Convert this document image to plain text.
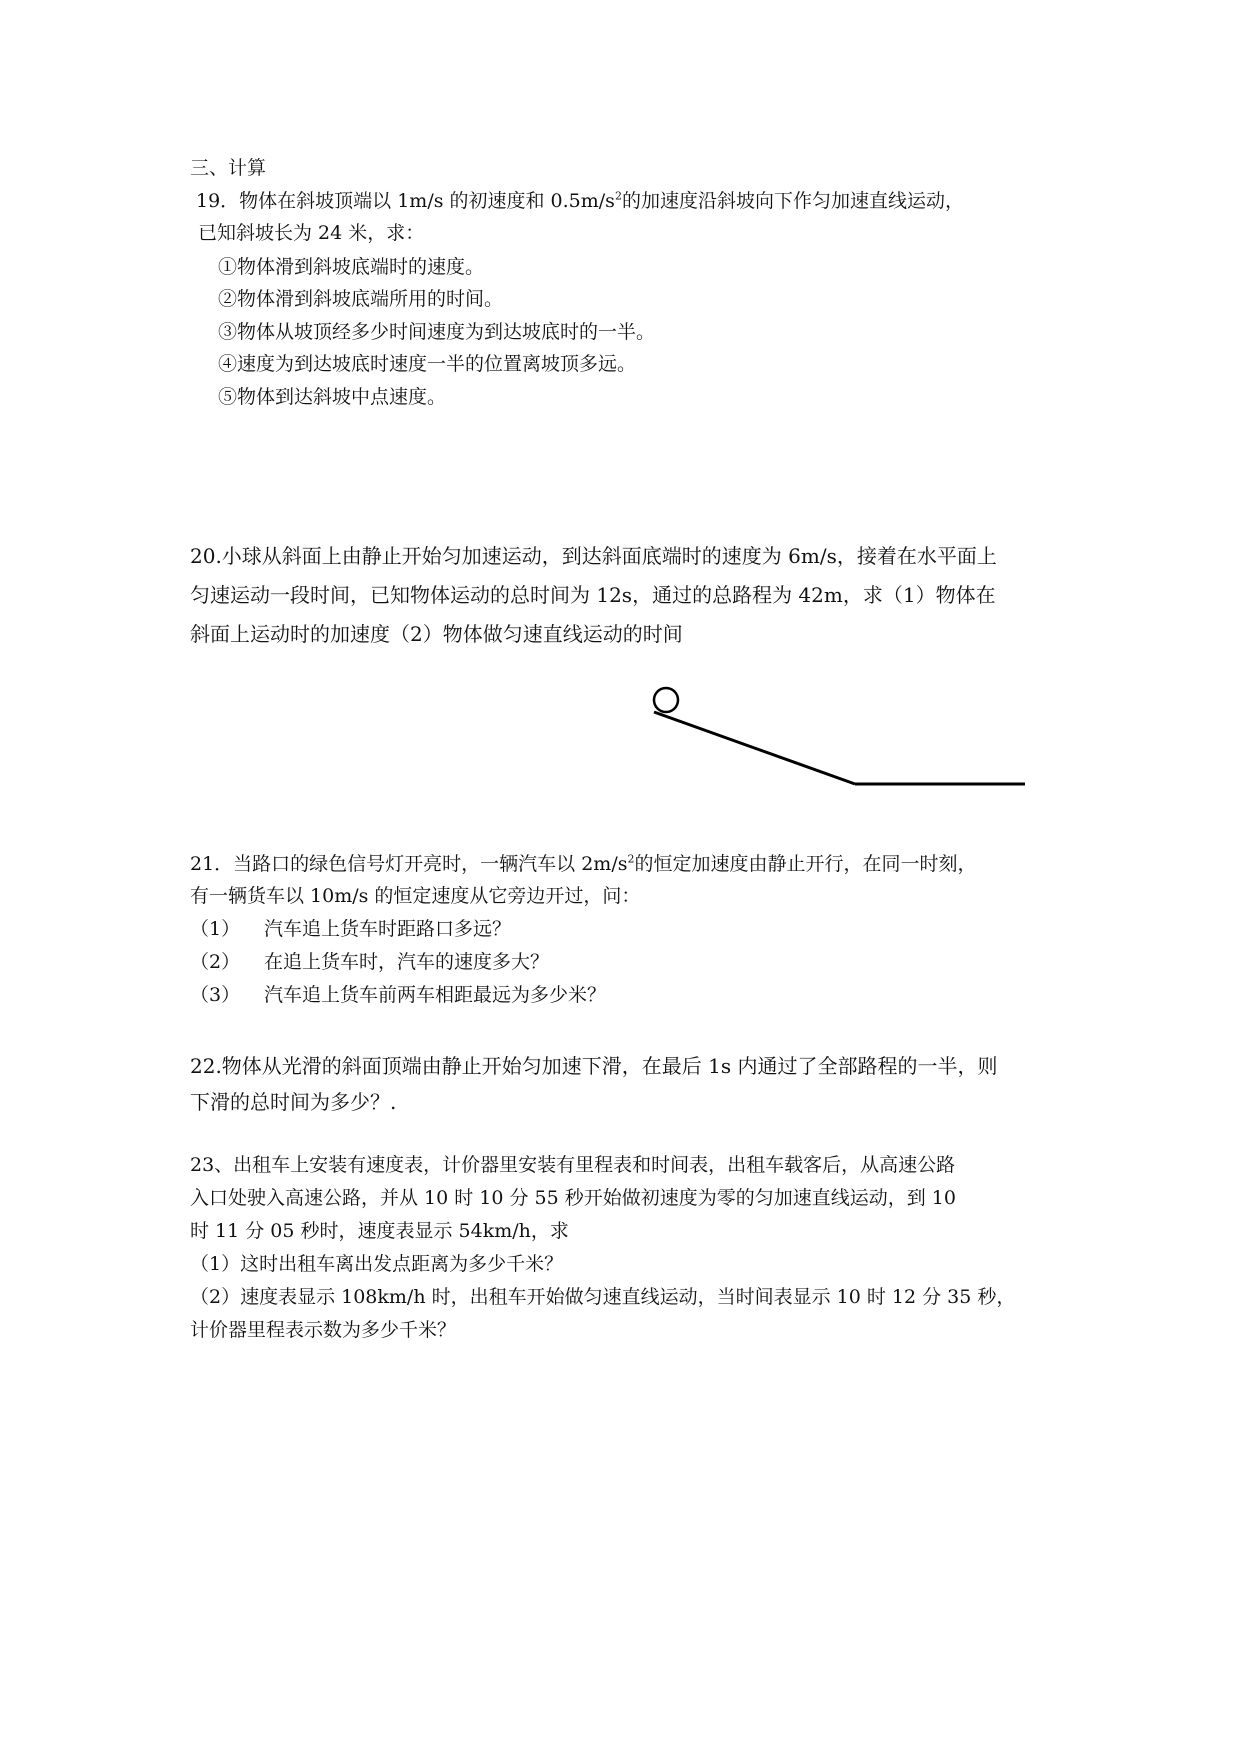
三、计算
19．物体在斜坡顶端以 1m/s 的初速度和 $0.5m/s^2$的加速度沿斜坡向下作匀加速直线运动，
已知斜坡长为 24 米，求：
①物体滑到斜坡底端时的速度。
②物体滑到斜坡底端所用的时间。
③物体从坡顶经多少时间速度为到达坡底时的一半。
④速度为到达坡底时速度一半的位置离坡顶多远。
⑤物体到达斜坡中点速度。
20.小球从斜面上由静止开始匀加速运动，到达斜面底端时的速度为 6m/s，接着在水平面上
匀速运动一段时间，已知物体运动的总时间为 12s，通过的总路程为 42m，求（1）物体在
斜面上运动时的加速度（2）物体做匀速直线运动的时间
21．当路口的绿色信号灯开亮时，一辆汽车以 $2m/s^2$的恒定加速度由静止开行，在同一时刻，
有一辆货车以 10m/s 的恒定速度从它旁边开过，问：
（1） 汽车追上货车时距路口多远？
（2） 在追上货车时，汽车的速度多大？
（3） 汽车追上货车前两车相距最远为多少米？
22.物体从光滑的斜面顶端由静止开始匀加速下滑，在最后 1s 内通过了全部路程的一半，则
下滑的总时间为多少？.
23、出租车上安装有速度表，计价器里安装有里程表和时间表，出租车载客后，从高速公路
入口处驶入高速公路，并从 10 时 10 分 55 秒开始做初速度为零的匀加速直线运动，到 10
时 11 分 05 秒时，速度表显示 54km/h，求
（1）这时出租车离出发点距离为多少千米？
（2）速度表显示 108km/h 时，出租车开始做匀速直线运动，当时间表显示 10 时 12 分 35 秒，
计价器里程表示数为多少千米？
